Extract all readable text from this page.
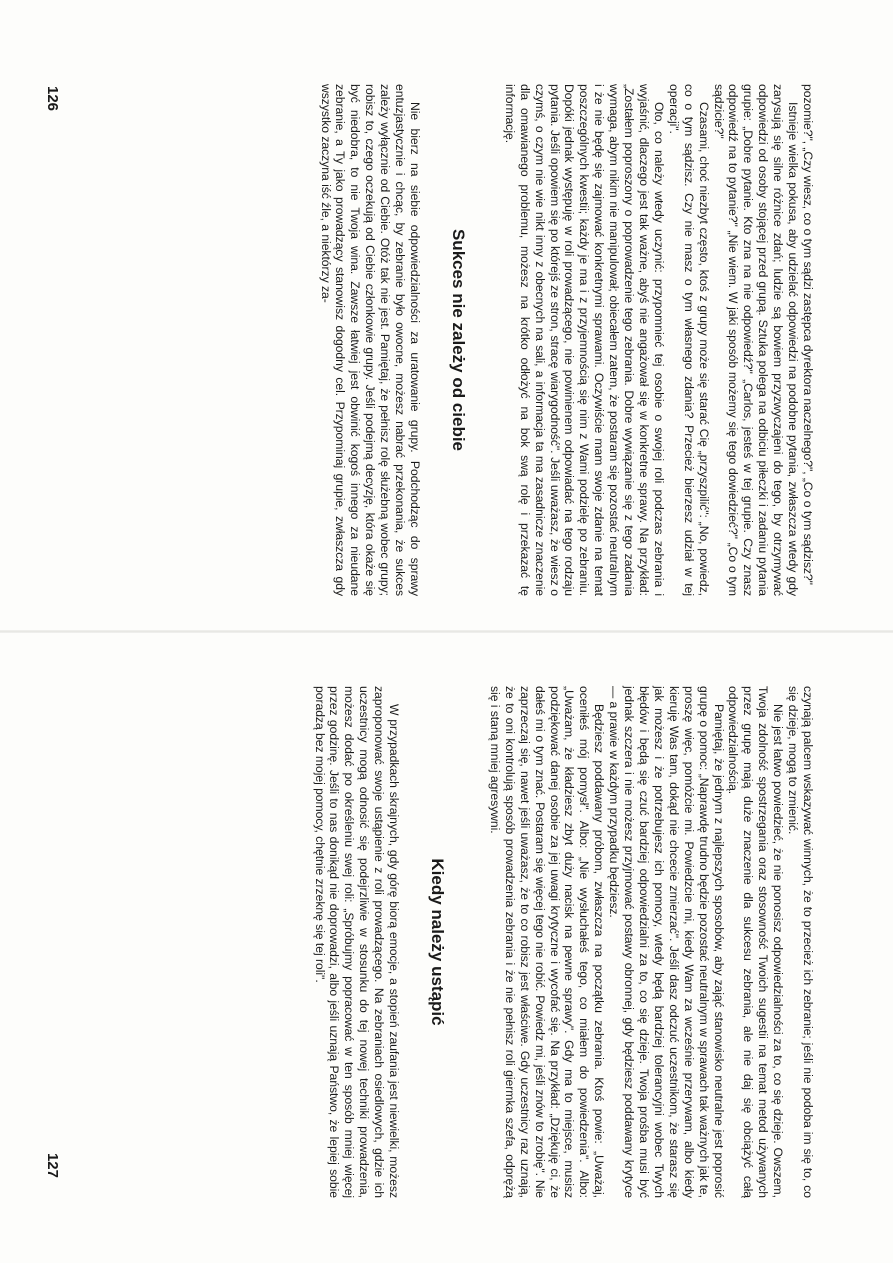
pozomie?", „Czy wiesz, co o tym sądzi zastępca dyrektora naczelnego?", „Co o tym sądzisz?"

Istnieje wielka pokusa, aby udzielać odpowiedzi na podobne pytania, zwłaszcza wtedy gdy zarysują się silne różnice zdań; ludzie są bowiem przyzwyczajeni do tego, by otrzymywać odpowiedzi od osoby stojącej przed grupą. Sztuka polega na odbiciu piłeczki i zadaniu pytania grupie: „Dobre pytanie. Kto zna na nie odpowiedź?" „Carlos, jesteś w tej grupie. Czy znasz odpowiedź na to pytanie?" „Nie wiem. W jaki sposób możemy się tego dowiedzieć?" „Co o tym sądzicie?"

Czasami, choć niezbyt często, ktoś z grupy może się starać Cię „przyszpilić": „No, powiedz, co o tym sądzisz. Czy nie masz o tym własnego zdania? Przecież bierzesz udział w tej operacji".

Oto, co należy wtedy uczynić: przypomnieć tej osobie o swojej roli podczas zebrania i wyjaśnić, dlaczego jest tak ważne, abyś nie angażował się w konkretne sprawy. Na przykład: „Zostałem poproszony o poprowadzenie tego zebrania. Dobre wywiązanie się z tego zadania wymaga, abym nikim nie manipulował; obiecałem zatem, że postaram się pozostać neutralnym i że nie będę się zajmować konkretnymi sprawami. Oczywiście mam swoje zdanie na temat poszczególnych kwestii; każdy je ma i z przyjemnością się nim z Wami podzielę po zebraniu. Dopóki jednak występuję w roli prowadzącego, nie powinienem odpowiadać na tego rodzaju pytania. Jeśli opowiem się po którejś ze stron, stracę wiarygodność". Jeśli uważasz, że wiesz o czymś, o czym nie wie nikt inny z obecnych na sali, a informacja ta ma zasadnicze znaczenie dla omawianego problemu, możesz na krótko odłożyć na bok swą rolę i przekazać tę informację.

Sukces nie zależy od ciebie

Nie bierz na siebie odpowiedzialności za uratowanie grupy. Podchodząc do sprawy entuzjastycznie i chcąc, by zebranie było owocne, możesz nabrać przekonania, że sukces zależy wyłącznie od Ciebie. Otóż tak nie jest. Pamiętaj, że pełnisz rolę służebną wobec grupy; robisz to, czego oczekują od Ciebie członkowie grupy. Jeśli podejmą decyzję, która okaże się być niedobra, to nie Twoja wina. Zawsze łatwiej jest obwinić kogoś innego za nieudane zebranie, a Ty jako prowadzący stanowisz dogodny cel. Przypominaj grupie, zwłaszcza gdy wszystko zaczyna iść źle, a niektórzy za-

126

czynają palcem wskazywać winnych, że to przecież ich zebranie; jeśli nie podoba im się to, co się dzieje, mogą to zmienić.

Nie jest łatwo powiedzieć, że nie ponosisz odpowiedzialności za to, co się dzieje. Owszem, Twoja zdolność spostrzegania oraz stosowność Twoich sugestii na temat metod używanych przez grupę mają duże znaczenie dla sukcesu zebrania, ale nie daj się obciążyć całą odpowiedzialnością.

Pamiętaj, że jednym z najlepszych sposobów, aby zająć stanowisko neutralne jest poprosić grupę o pomoc: „Naprawdę trudno będzie pozostać neutralnym w sprawach tak ważnych jak te, proszę więc, pomóżcie mi. Powiedzcie mi, kiedy Wam za wcześnie przerywam, albo kiedy kieruję Was tam, dokąd nie chcecie zmierzać". Jeśli dasz odczuć uczestnikom, że starasz się jak możesz i że potrzebujesz ich pomocy, wtedy będą bardziej tolerancyjni wobec Twych błędów i będą się czuć bardziej odpowiedzialni za to, co się dzieje. Twoja prośba musi być jednak szczera i nie możesz przyjmować postawy obronnej, gdy będziesz poddawany krytyce — a prawie w każdym przypadku będziesz.

Będziesz poddawany próbom, zwłaszcza na początku zebrania. Ktoś powie: „Uważaj, oceniłeś mój pomysł". Albo: „Nie wysłuchałeś tego, co miałem do powiedzenia". Albo: „Uważam, że kładziesz zbyt duży nacisk na pewne sprawy". Gdy ma to miejsce, musisz podziękować danej osobie za jej uwagi krytyczne i wycofać się. Na przykład: „Dziękuję ci, że dałeś mi o tym znać. Postaram się więcej tego nie robić. Powiedz mi, jeśli znów to zrobię". Nie zaprzeczaj się, nawet jeśli uważasz, że to co robisz jest właściwe. Gdy uczestnicy raz uznają, że to oni kontrolują sposób prowadzenia zebrania i że nie pełnisz roli giermka szefa, odprężą się i staną mniej agresywni.

Kiedy należy ustąpić

W przypadkach skrajnych, gdy górę biorą emocje, a stopień zaufania jest niewielki, możesz zaproponować swoje ustąpienie z roli prowadzącego. Na zebraniach osiedlowych, gdzie ich uczestnicy mogą odnosić się podejrzliwie w stosunku do tej nowej techniki prowadzenia, możesz dodać po określeniu swej roli: „Spróbujmy popracować w ten sposób mniej więcej przez godzinę. Jeśli to nas donikąd nie doprowadzi, albo jeśli uznają Państwo, że lepiej sobie poradzą bez mojej pomocy, chętnie zrzeknę się tej roli".

127
